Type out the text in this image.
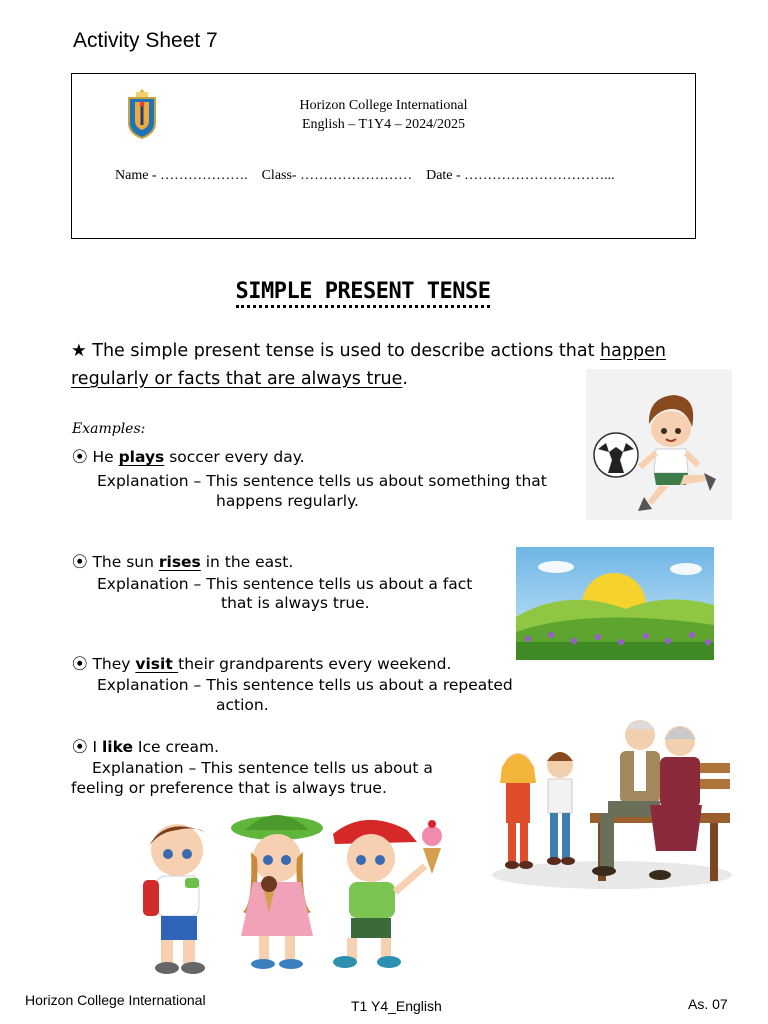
Activity Sheet 7
Horizon College International
English – T1Y4 – 2024/2025
Name - ………………. Class- …………………… Date - …………………………...
SIMPLE PRESENT TENSE
★ The simple present tense is used to describe actions that happen regularly or facts that are always true.
Examples:
⦿ He plays soccer every day.
Explanation – This sentence tells us about something that
happens regularly.
⦿ The sun rises in the east.
Explanation – This sentence tells us about a fact
that is always true.
⦿ They visit their grandparents every weekend.
Explanation – This sentence tells us about a repeated
action.
⦿ I like Ice cream.
Explanation – This sentence tells us about a
feeling or preference that is always true.
Horizon College International	T1 Y4_English	As. 07
